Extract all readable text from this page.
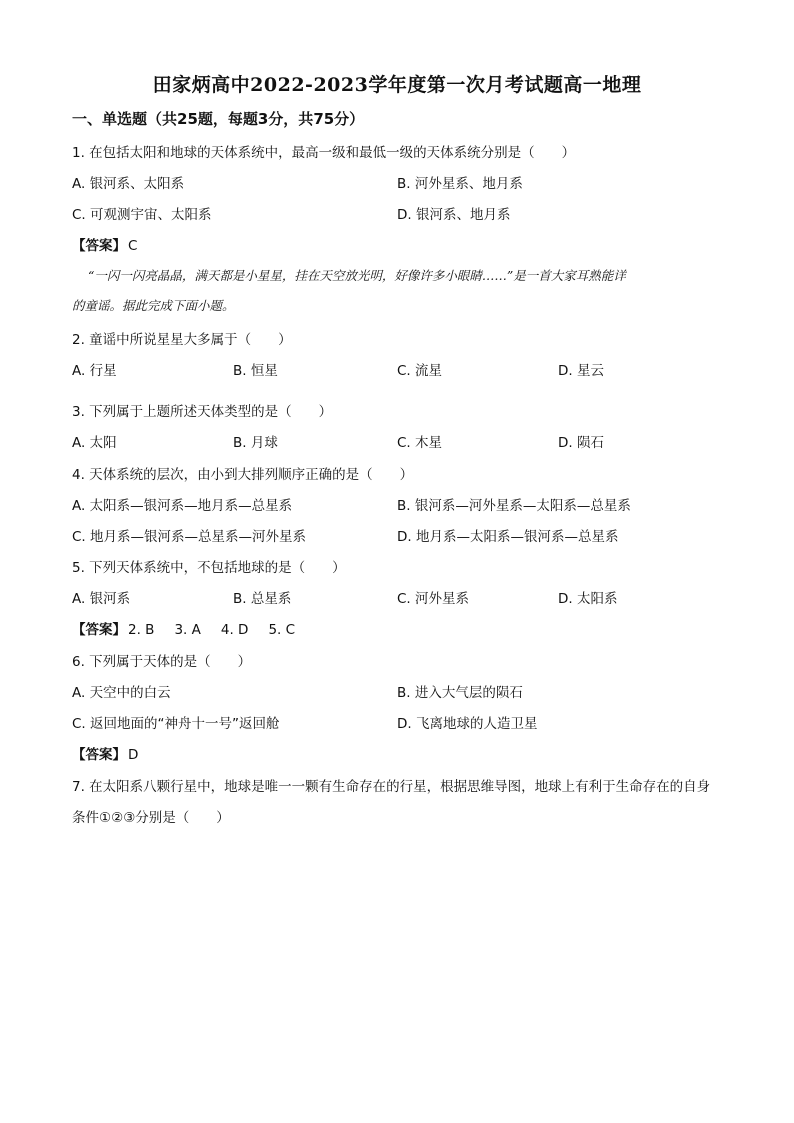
田家炳高中2022-2023学年度第一次月考试题高一地理
一、单选题（共25题，每题3分，共75分）
1. 在包括太阳和地球的天体系统中，最高一级和最低一级的天体系统分别是（　　）
A. 银河系、太阳系	B. 河外星系、地月系
C. 可观测宇宙、太阳系	D. 银河系、地月系
【答案】 C
“一闪一闪亮晶晶，满天都是小星星，挂在天空放光明，好像许多小眼睛……”是一首大家耳熟能详
的童谣。据此完成下面小题。
2. 童谣中所说星星大多属于（　　）
A. 行星	B. 恒星	C. 流星	D. 星云
3. 下列属于上题所述天体类型的是（　　）
A. 太阳	B. 月球	C. 木星	D. 陨石
4. 天体系统的层次，由小到大排列顺序正确的是（　　）
A. 太阳系—银河系—地月系—总星系	B. 银河系—河外星系—太阳系—总星系
C. 地月系—银河系—总星系—河外星系	D. 地月系—太阳系—银河系—总星系
5. 下列天体系统中，不包括地球的是（　　）
A. 银河系	B. 总星系	C. 河外星系	D. 太阳系
【答案】 2. B 3. A 4. D 5. C
6. 下列属于天体的是（　　）
A. 天空中的白云	B. 进入大气层的陨石
C. 返回地面的“神舟十一号”返回舱	D. 飞离地球的人造卫星
【答案】 D
7. 在太阳系八颗行星中，地球是唯一一颗有生命存在的行星，根据思维导图，地球上有利于生命存在的自身
条件①②③分别是（　　）
